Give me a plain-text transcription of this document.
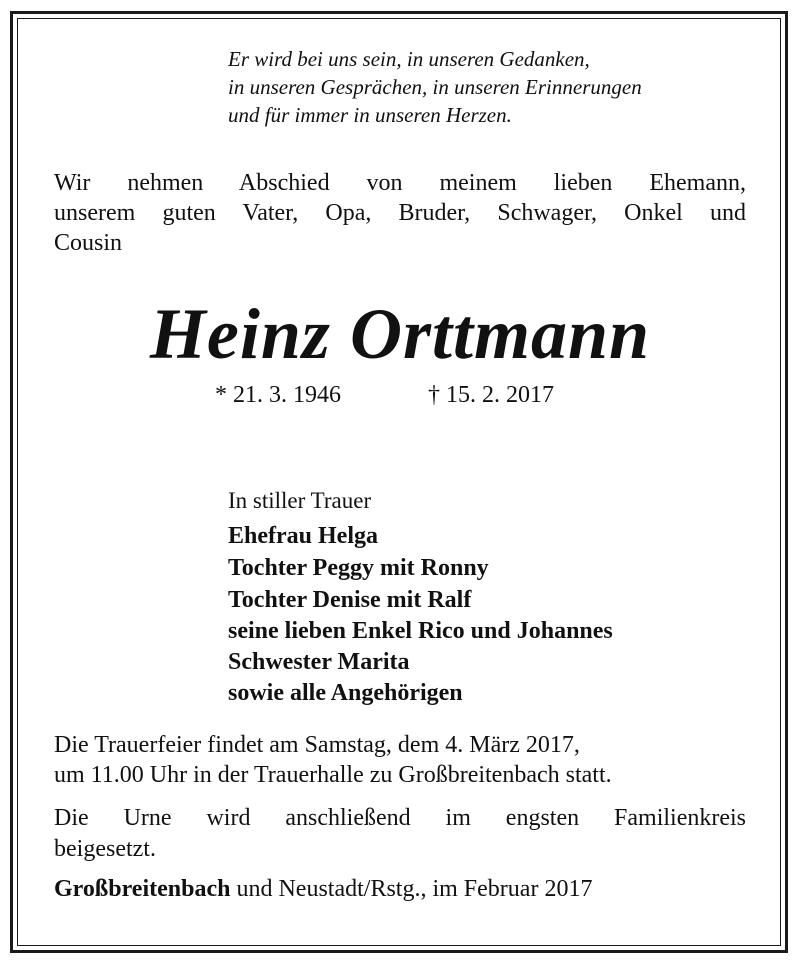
Er wird bei uns sein, in unseren Gedanken,
in unseren Gesprächen, in unseren Erinnerungen
und für immer in unseren Herzen.
Wir nehmen Abschied von meinem lieben Ehemann,
unserem guten Vater, Opa, Bruder, Schwager, Onkel und
Cousin
Heinz Orttmann
* 21. 3. 1946	† 15. 2. 2017
In stiller Trauer
Ehefrau Helga
Tochter Peggy mit Ronny
Tochter Denise mit Ralf
seine lieben Enkel Rico und Johannes
Schwester Marita
sowie alle Angehörigen
Die Trauerfeier findet am Samstag, dem 4. März 2017,
um 11.00 Uhr in der Trauerhalle zu Großbreitenbach statt.
Die Urne wird anschließend im engsten Familienkreis
beigesetzt.
Großbreitenbach und Neustadt/Rstg., im Februar 2017
